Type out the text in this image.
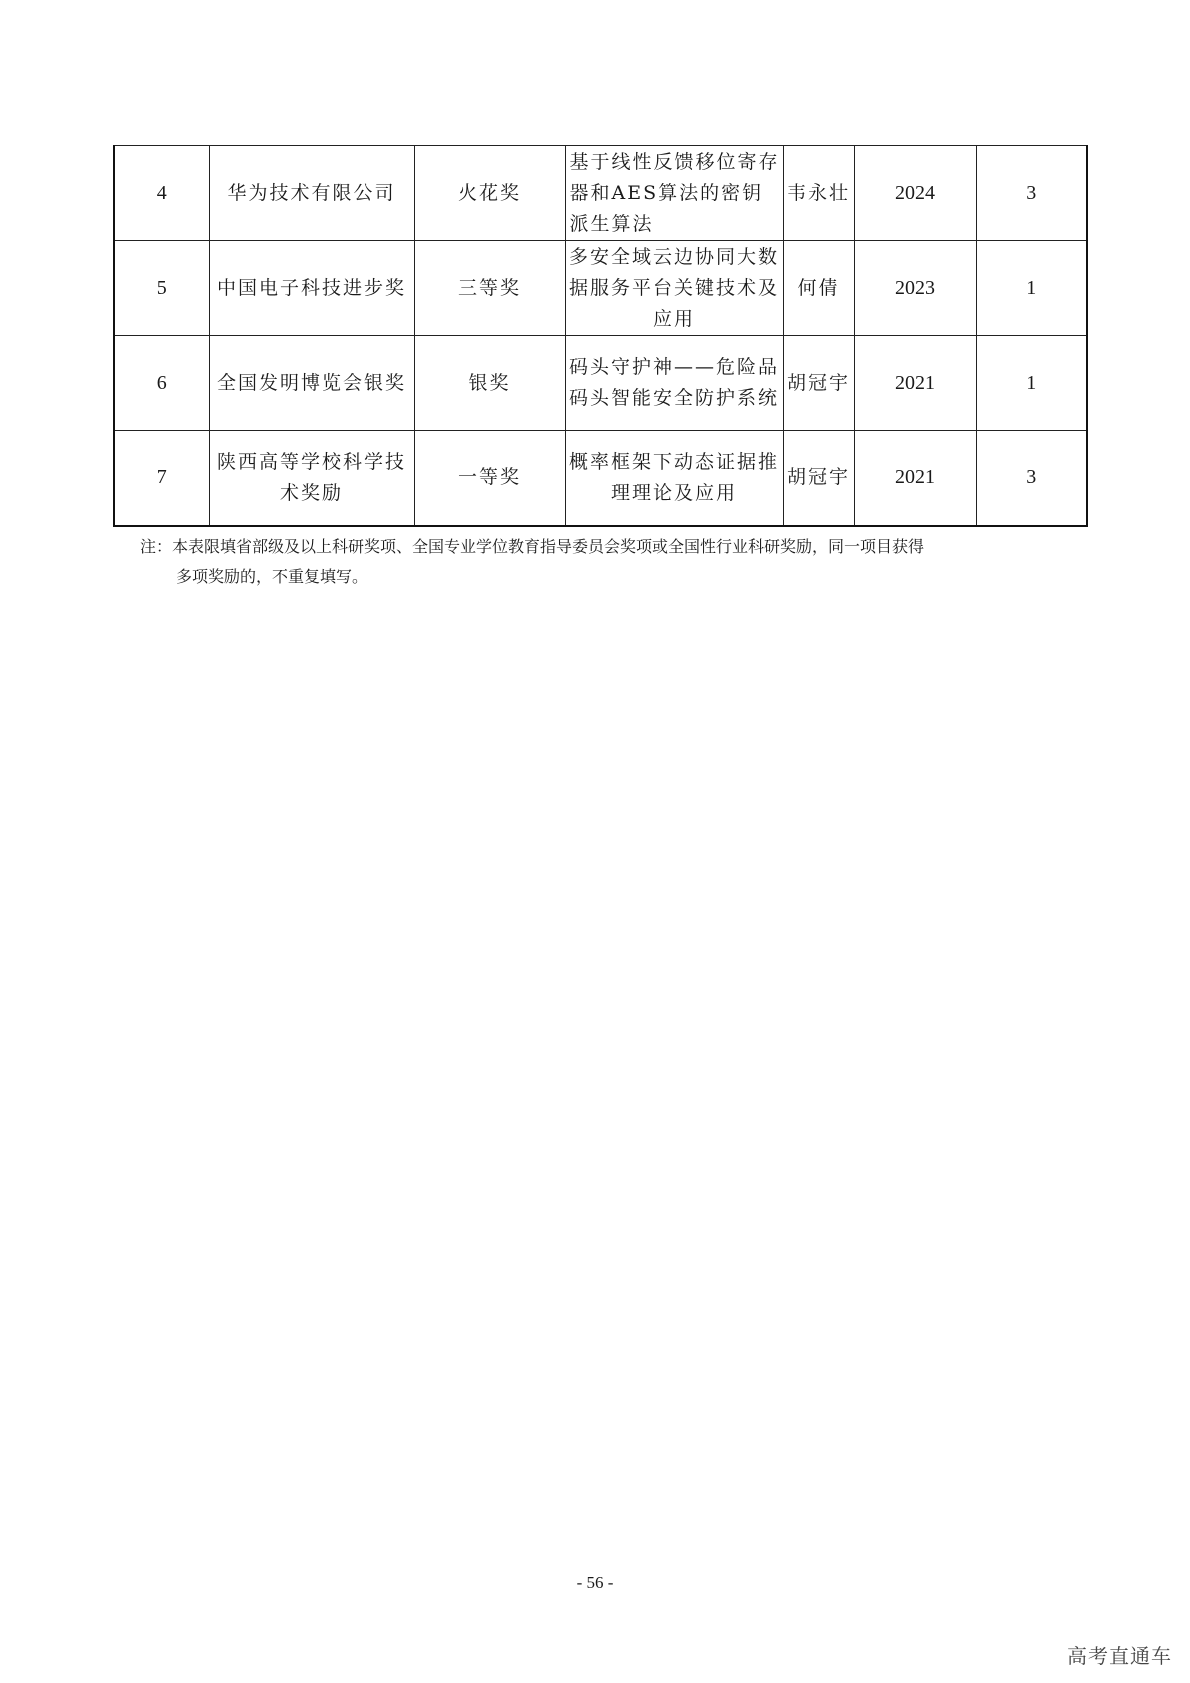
4	华为技术有限公司	火花奖	基于线性反馈移位寄存器和AES算法的密钥派生算法	韦永壮	2024	3
5	中国电子科技进步奖	三等奖	多安全域云边协同大数据服务平台关键技术及应用	何倩	2023	1
6	全国发明博览会银奖	银奖	码头守护神——危险品码头智能安全防护系统	胡冠宇	2021	1
7	陕西高等学校科学技术奖励	一等奖	概率框架下动态证据推理理论及应用	胡冠宇	2021	3
注：本表限填省部级及以上科研奖项、全国专业学位教育指导委员会奖项或全国性行业科研奖励，同一项目获得
多项奖励的，不重复填写。
- 56 -
高考直通车
